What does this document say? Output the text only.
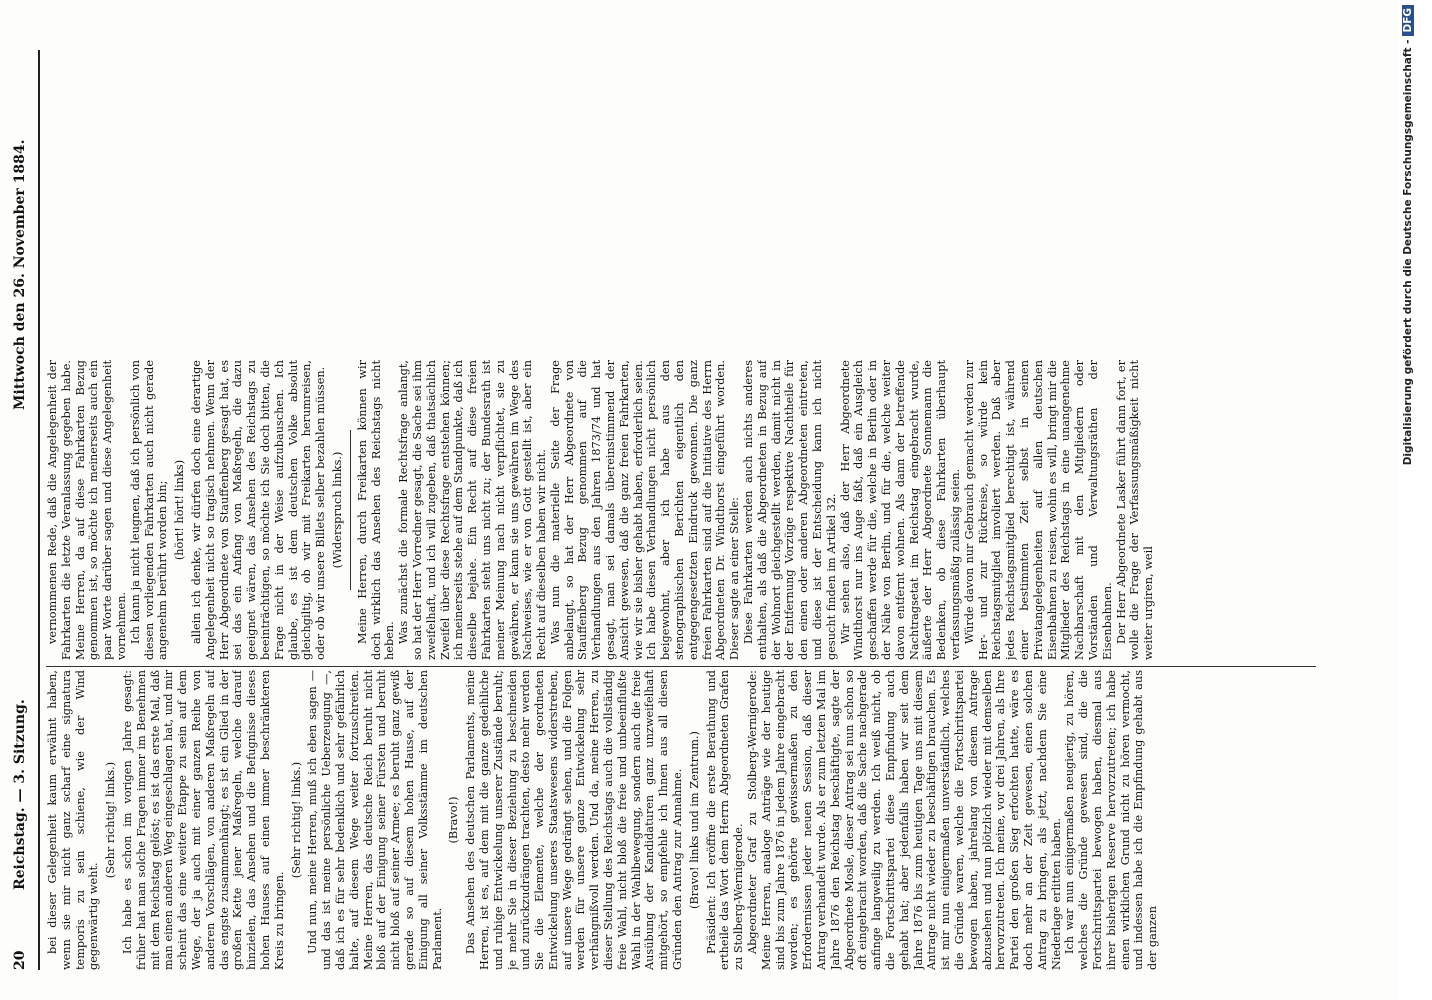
20
Reichstag. — 3. Sitzung.
Mittwoch den 26. November 1884.

bei dieser Gelegenheit kaum erwähnt haben, wenn sie mir nicht ganz scharf eine signatura temporis zu sein schiene, wie der Wind gegenwärtig weht.

(Sehr richtig! links.) Ich habe es schon im vorigen Jahre gesagt: früher hat man solche Fragen immer im Benehmen mit dem Reichstag gelöst; es ist das erste Mal, daß man einen anderen Weg eingeschlagen hat, und mir scheint das eine weitere Etappe zu sein auf dem Wege, der ja auch mit einer ganzen Reihe von anderen Vorschlägen, von anderen Maßregeln auf das engste zusammenhängt; es ist ein Glied in der großen Kette jener Maßregeln, welche darauf hinzielen, das Ansehen und die Befugnisse dieses hohen Hauses auf einen immer beschränkteren Kreis zu bringen.

(Sehr richtig! links.) Und nun, meine Herren, muß ich eben sagen — und das ist meine persönliche Ueberzeugung —, daß ich es für sehr bedenklich und sehr gefährlich halte, auf diesem Wege weiter fortzuschreiten. Meine Herren, das deutsche Reich beruht nicht bloß auf der Einigung seiner Fürsten und beruht nicht bloß auf seiner Armee; es beruht ganz gewiß gerade so auf diesem hohen Hause, auf der Einigung all seiner Volksstämme im deutschen Parlament.

(Bravo!) Das Ansehen des deutschen Parlaments, meine Herren, ist es, auf dem mit die ganze gedeihliche und ruhige Entwickelung unserer Zustände beruht; je mehr Sie in dieser Beziehung zu beschneiden und zurückzudrängen trachten, desto mehr werden Sie die Elemente, welche der geordneten Entwickelung unseres Staatswesens widerstreben, auf unsere Wege gedrängt sehen, und die Folgen werden für unsere ganze Entwickelung sehr verhängnißvoll werden. Und da, meine Herren, zu dieser Stellung des Reichstags auch die vollständig freie Wahl, nicht bloß die freie und unbeeinflußte Wahl in der Wahlbewegung, sondern auch die freie Ausübung der Kandidaturen ganz unzweifelhaft mitgehört, so empfehle ich Ihnen aus all diesen Gründen den Antrag zur Annahme. (Bravo! links und im Zentrum.) Präsident: Ich eröffne die erste Berathung und ertheile das Wort dem Herrn Abgeordneten Grafen zu Stolberg-Wernigerode. Abgeordneter Graf zu Stolberg-Wernigerode: Meine Herren, analoge Anträge wie der heutige sind bis zum Jahre 1876 in jedem Jahre eingebracht worden; es gehörte gewissermaßen zu den Erfordernissen jeder neuen Session, daß dieser Antrag verhandelt wurde. Als er zum letzten Mal im Jahre 1876 den Reichstag beschäftigte, sagte der Abgeordnete Mosle, dieser Antrag sei nun schon so oft eingebracht worden, daß die Sache nachgerade anfinge langweilig zu werden. Ich weiß nicht, ob die Fortschrittspartei diese Empfindung auch gehabt hat; aber jedenfalls haben wir seit dem Jahre 1876 bis zum heutigen Tage uns mit diesem Antrage nicht wieder zu beschäftigen brauchen. Es ist mir nun einigermaßen unverständlich, welches die Gründe waren, welche die Fortschrittspartei bewogen haben, jahrelang von diesem Antrage abzusehen und nun plötzlich wieder mit demselben hervorzutreten. Ich meine, vor drei Jahren, als Ihre Partei den großen Sieg erfochten hatte, wäre es doch mehr an der Zeit gewesen, einen solchen Antrag zu bringen, als jetzt, nachdem Sie eine Niederlage erlitten haben. Ich war nun einigermaßen neugierig, zu hören, welches die Gründe gewesen sind, die die Fortschrittspartei bewogen haben, diesmal aus ihrer bisherigen Reserve hervorzutreten; ich habe einen wirklichen Grund nicht zu hören vermocht, und indessen habe ich die Empfindung gehabt aus der ganzen

vernommenen Rede, daß die Angelegenheit der Fahrkarten die letzte Veranlassung gegeben habe. Meine Herren, da auf diese Fahrkarten Bezug genommen ist, so möchte ich meinerseits auch ein paar Worte darüber sagen und diese Angelegenheit vornehmen. Ich kann ja nicht leugnen, daß ich persönlich von diesen vorliegenden Fahrkarten auch nicht gerade angenehm berührt worden bin; (hört! hört! links) allein ich denke, wir dürfen doch eine derartige Angelegenheit nicht so tragisch nehmen. Wenn der Herr Abgeordnete von Stauffenberg gesagt hat, es sei das ein Anfang von Maßregeln, die dazu geeignet wären, das Ansehen des Reichstags zu beeinträchtigen, so möchte ich Sie doch bitten, die Frage nicht in der Weise aufzubauschen. Ich glaube, es ist dem deutschen Volke absolut gleichgiltig, ob wir mit Freikarten herumreisen, oder ob wir unsere Billets selber bezahlen müssen. (Widerspruch links.) Meine Herren, durch Freikarten können wir doch wirklich das Ansehen des Reichstags nicht heben. Was zunächst die formale Rechtsfrage anlangt, so hat der Herr Vorredner gesagt, die Sache sei ihm zweifelhaft, und ich will zugeben, daß thatsächlich Zweifel über diese Rechtsfrage entstehen können; ich meinerseits stehe auf dem Standpunkte, daß ich dieselbe bejahe. Ein Recht auf diese freien Fahrkarten steht uns nicht zu; der Bundesrath ist meiner Meinung nach nicht verpflichtet, sie zu gewähren, er kann sie uns gewähren im Wege des Nachweises, wie er von Gott gestellt ist, aber ein Recht auf dieselben haben wir nicht. Was nun die materielle Seite der Frage anbelangt, so hat der Herr Abgeordnete von Stauffenberg Bezug genommen auf die Verhandlungen aus den Jahren 1873/74 und hat gesagt, man sei damals übereinstimmend der Ansicht gewesen, daß die ganz freien Fahrkarten, wie wir sie bisher gehabt haben, erforderlich seien. Ich habe diesen Verhandlungen nicht persönlich beigewohnt, aber ich habe aus den stenographischen Berichten eigentlich den entgegengesetzten Eindruck gewonnen. Die ganz freien Fahrkarten sind auf die Initiative des Herrn Abgeordneten Dr. Windthorst eingeführt worden. Dieser sagte an einer Stelle: Diese Fahrkarten werden auch nichts anderes enthalten, als daß die Abgeordneten in Bezug auf der Wohnort gleichgestellt werden, damit nicht in der Entfernung Vorzüge respektive Nachtheile für den einen oder anderen Abgeordneten eintreten, und diese ist der Entscheidung kann ich nicht gesucht finden im Artikel 32. Wir sehen also, daß der Herr Abgeordnete Windthorst nur ins Auge faßt, daß ein Ausgleich geschaffen werde für die, welche in Berlin oder in der Nähe von Berlin, und für die, welche weiter davon entfernt wohnen. Als dann der betreffende Nachtragsetat im Reichstag eingebracht wurde, äußerte der Herr Abgeordnete Sonnemann die Bedenken, ob diese Fahrkarten überhaupt verfassungsmäßig zulässig seien. Würde davon nur Gebrauch gemacht werden zur Her- und zur Rückreise, so würde kein Reichstagsmitglied imvoliert werden. Daß aber jedes Reichstagsmitglied berechtigt ist, während einer bestimmten Zeit selbst in seinen Privatangelegenheiten auf allen deutschen Eisenbahnen zu reisen, wohin es will, bringt mir die Mitglieder des Reichstags in eine unangenehme Nachbarschaft mit den Mitgliedern oder Vorständen und Verwaltungsräthen der Eisenbahnen. Der Herr Abgeordnete Lasker führt dann fort, er wolle die Frage der Verfassungsmäßigkeit nicht weiter urgiren, weil

Digitalisierung gefördert durch die Deutsche Forschungsgemeinschaft -DFG
